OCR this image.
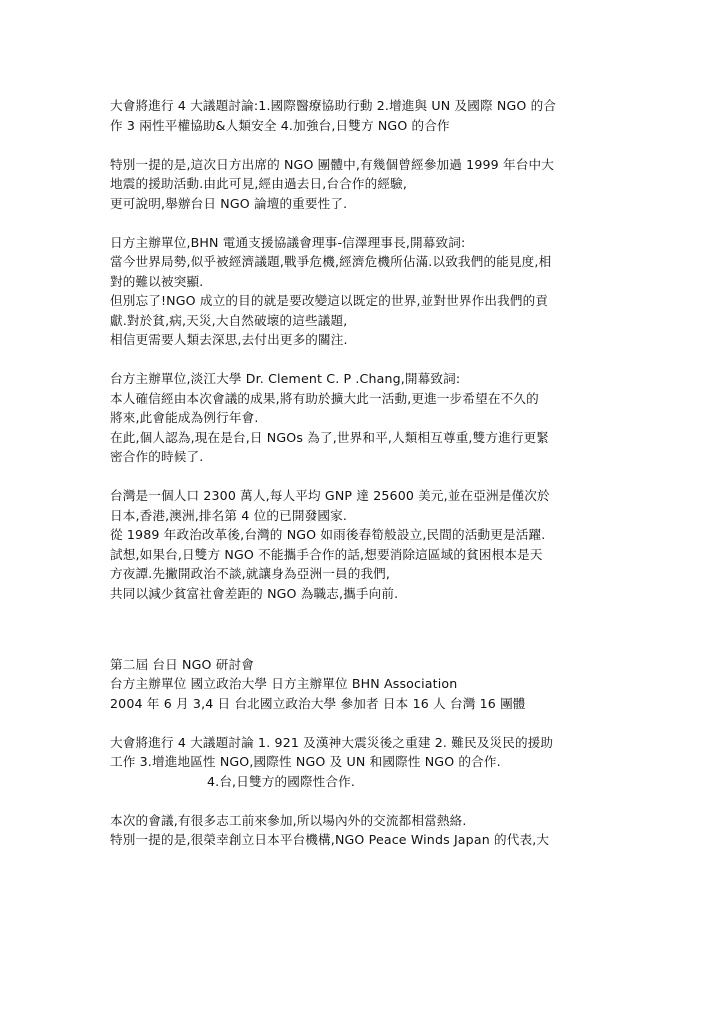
大會將進行 4 大議題討論:1.國際醫療協助行動 2.增進與 UN 及國際 NGO 的合
作 3 兩性平權協助&人類安全 4.加強台,日雙方 NGO 的合作
特別一提的是,這次日方出席的 NGO 團體中,有幾個曾經參加過 1999 年台中大
地震的援助活動.由此可見,經由過去日,台合作的經驗,
更可說明,舉辦台日 NGO 論壇的重要性了.
日方主辦單位,BHN 電通支援協議會理事-信澤理事長,開幕致詞:
當今世界局勢,似乎被經濟議題,戰爭危機,經濟危機所佔滿.以致我們的能見度,相
對的難以被突顯.
但別忘了!NGO 成立的目的就是要改變這以既定的世界,並對世界作出我們的貢
獻.對於貧,病,天災,大自然破壞的這些議題,
相信更需要人類去深思,去付出更多的關注.
台方主辦單位,淡江大學 Dr. Clement C. P .Chang,開幕致詞:
本人確信經由本次會議的成果,將有助於擴大此一活動,更進一步希望在不久的
將來,此會能成為例行年會.
在此,個人認為,現在是台,日 NGOs 為了,世界和平,人類相互尊重,雙方進行更緊
密合作的時候了.
台灣是一個人口 2300 萬人,每人平均 GNP 達 25600 美元,並在亞洲是僅次於
日本,香港,澳洲,排名第 4 位的已開發國家.
從 1989 年政治改革後,台灣的 NGO 如雨後春筍般設立,民間的活動更是活躍.
試想,如果台,日雙方 NGO 不能攜手合作的話,想要消除這區域的貧困根本是天
方夜譚.先撇開政治不談,就讓身為亞洲一員的我們,
共同以減少貧富社會差距的 NGO 為職志,攜手向前.
第二屆 台日 NGO 研討會
台方主辦單位 國立政治大學 日方主辦單位 BHN Association
2004 年 6 月 3,4 日 台北國立政治大學 參加者 日本 16 人 台灣 16 團體
大會將進行 4 大議題討論 1. 921 及漢神大震災後之重建 2. 難民及災民的援助
工作 3.增進地區性 NGO,國際性 NGO 及 UN 和國際性 NGO 的合作.
4.台,日雙方的國際性合作.
本次的會議,有很多志工前來參加,所以場內外的交流都相當熱絡.
特別一提的是,很榮幸創立日本平台機構,NGO Peace Winds Japan 的代表,大
